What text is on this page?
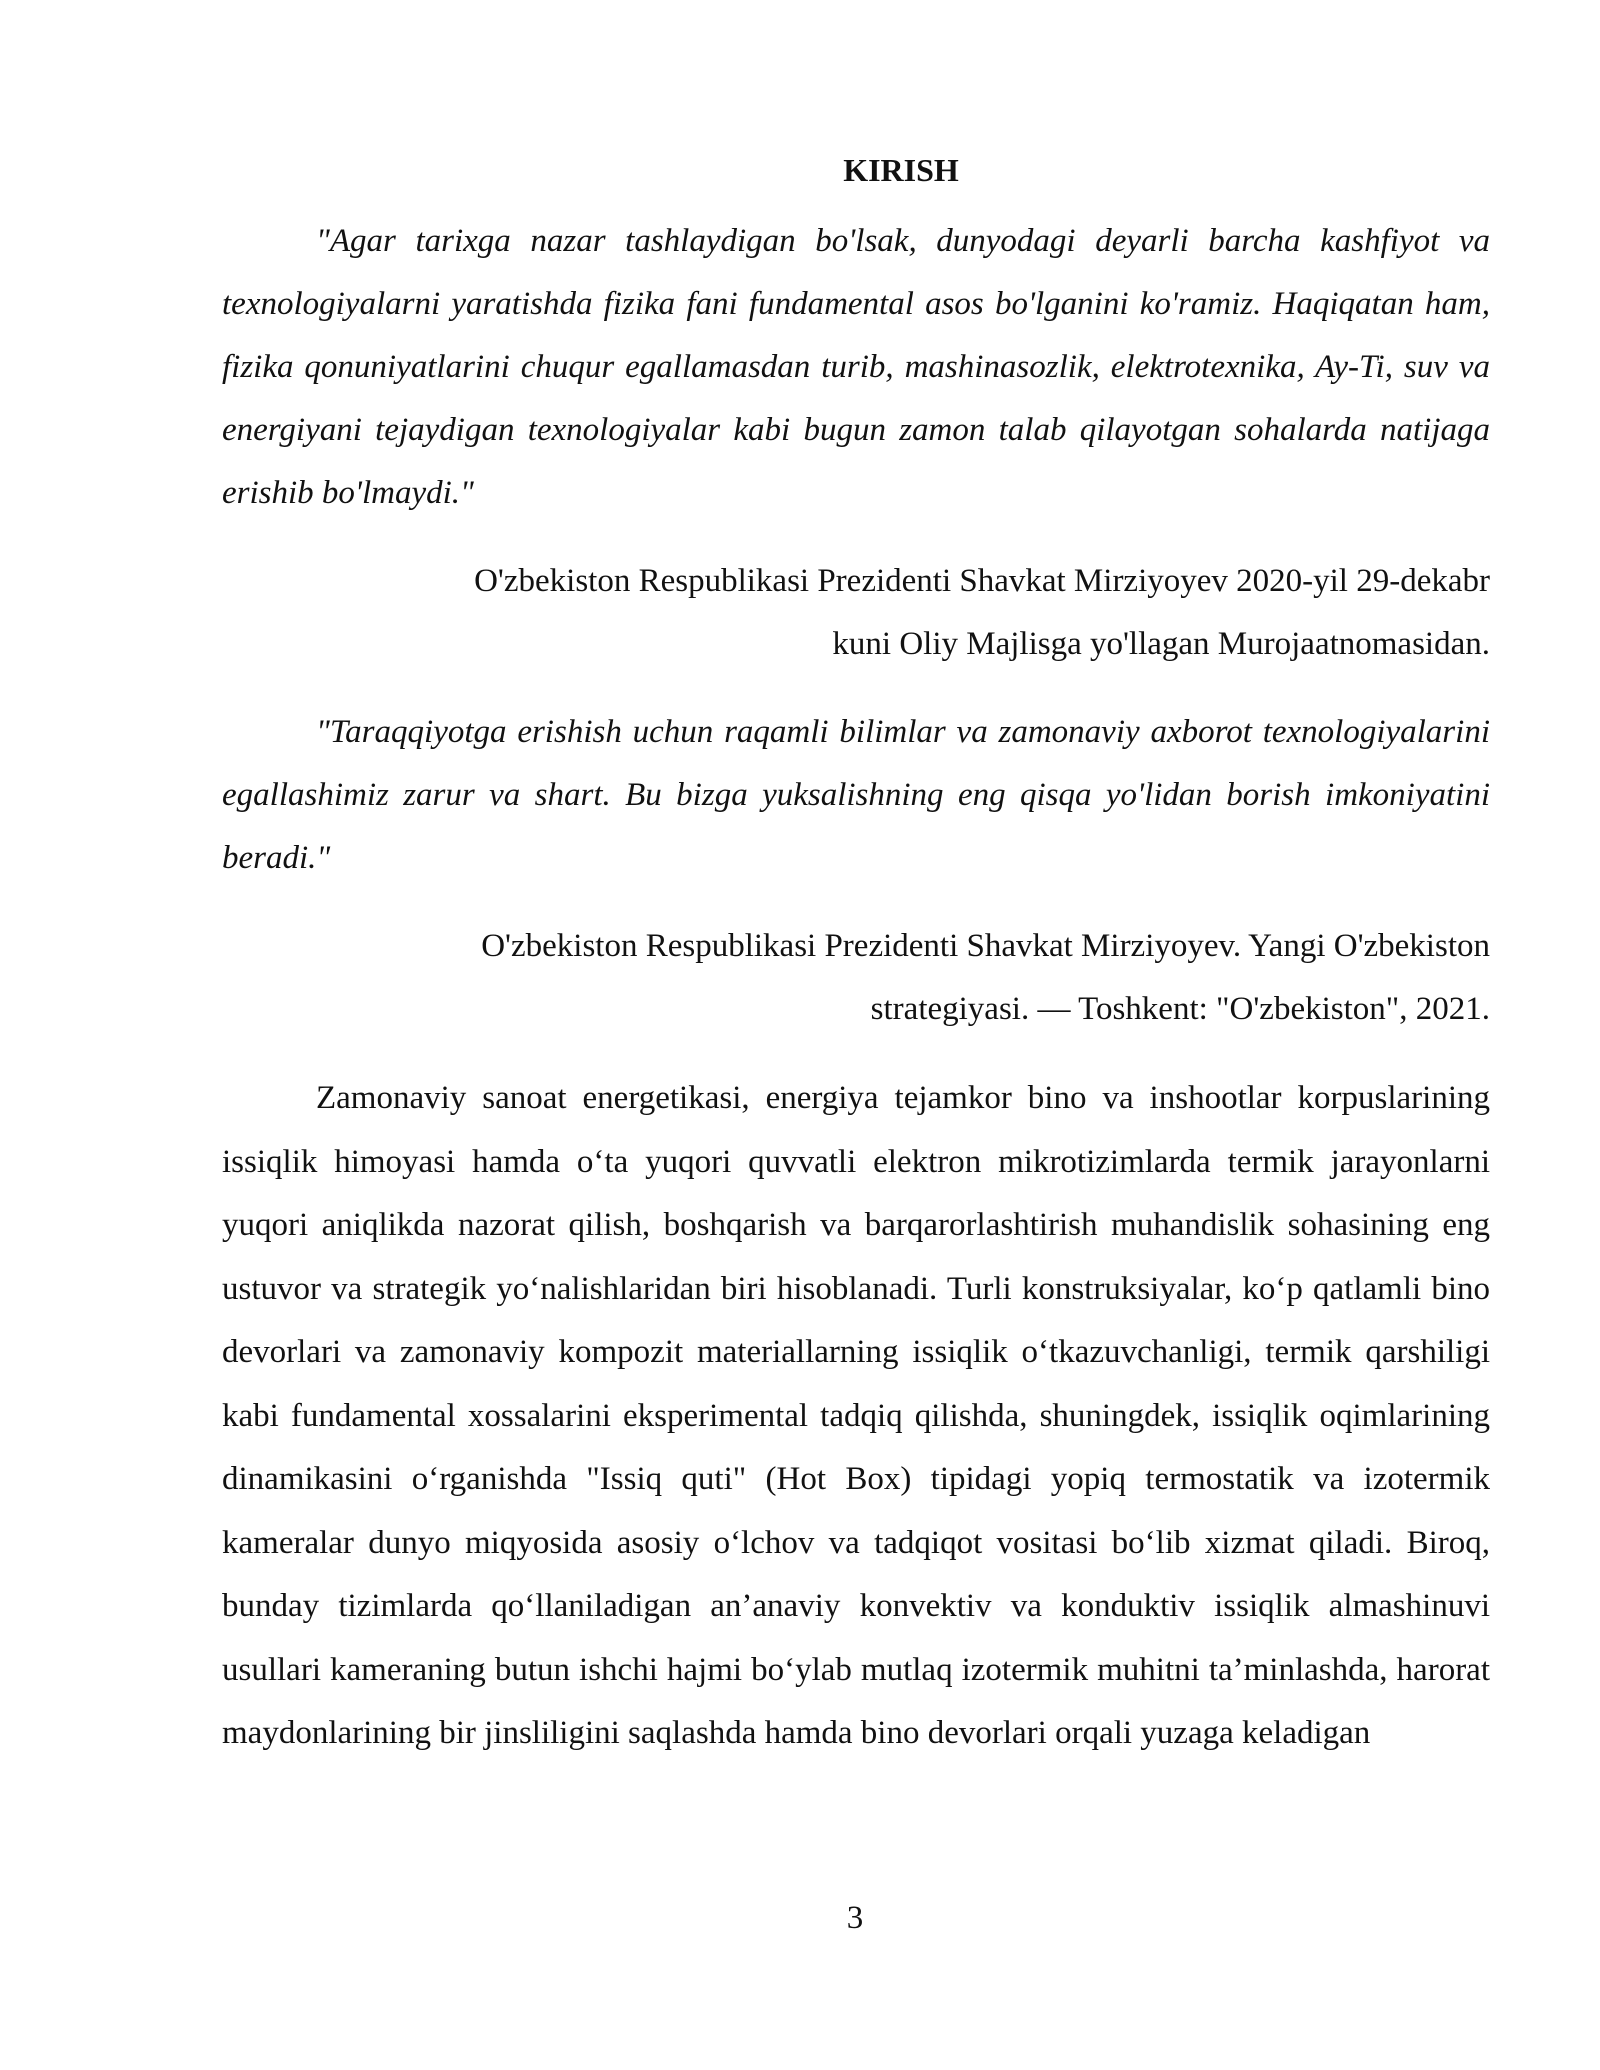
KIRISH

"Agar tarixga nazar tashlaydigan bo'lsak, dunyodagi deyarli barcha kashfiyot va texnologiyalarni yaratishda fizika fani fundamental asos bo'lganini ko'ramiz. Haqiqatan ham, fizika qonuniyatlarini chuqur egallamasdan turib, mashinasozlik, elektrotexnika, Ay-Ti, suv va energiyani tejaydigan texnologiyalar kabi bugun zamon talab qilayotgan sohalarda natijaga erishib bo'lmaydi."

O'zbekiston Respublikasi Prezidenti Shavkat Mirziyoyev 2020-yil 29-dekabr
kuni Oliy Majlisga yo'llagan Murojaatnomasidan.

"Taraqqiyotga erishish uchun raqamli bilimlar va zamonaviy axborot texnologiyalarini egallashimiz zarur va shart. Bu bizga yuksalishning eng qisqa yo'lidan borish imkoniyatini beradi."

O'zbekiston Respublikasi Prezidenti Shavkat Mirziyoyev. Yangi O'zbekiston
strategiyasi. — Toshkent: "O'zbekiston", 2021.

Zamonaviy sanoat energetikasi, energiya tejamkor bino va inshootlar korpuslarining issiqlik himoyasi hamda o‘ta yuqori quvvatli elektron mikrotizimlarda termik jarayonlarni yuqori aniqlikda nazorat qilish, boshqarish va barqarorlashtirish muhandislik sohasining eng ustuvor va strategik yo‘nalishlaridan biri hisoblanadi. Turli konstruksiyalar, ko‘p qatlamli bino devorlari va zamonaviy kompozit materiallarning issiqlik o‘tkazuvchanligi, termik qarshiligi kabi fundamental xossalarini eksperimental tadqiq qilishda, shuningdek, issiqlik oqimlarining dinamikasini o‘rganishda "Issiq quti" (Hot Box) tipidagi yopiq termostatik va izotermik kameralar dunyo miqyosida asosiy o‘lchov va tadqiqot vositasi bo‘lib xizmat qiladi. Biroq, bunday tizimlarda qo‘llaniladigan an’anaviy konvektiv va konduktiv issiqlik almashinuvi usullari kameraning butun ishchi hajmi bo‘ylab mutlaq izotermik muhitni ta’minlashda, harorat maydonlarining bir jinsliligini saqlashda hamda bino devorlari orqali yuzaga keladigan

3
